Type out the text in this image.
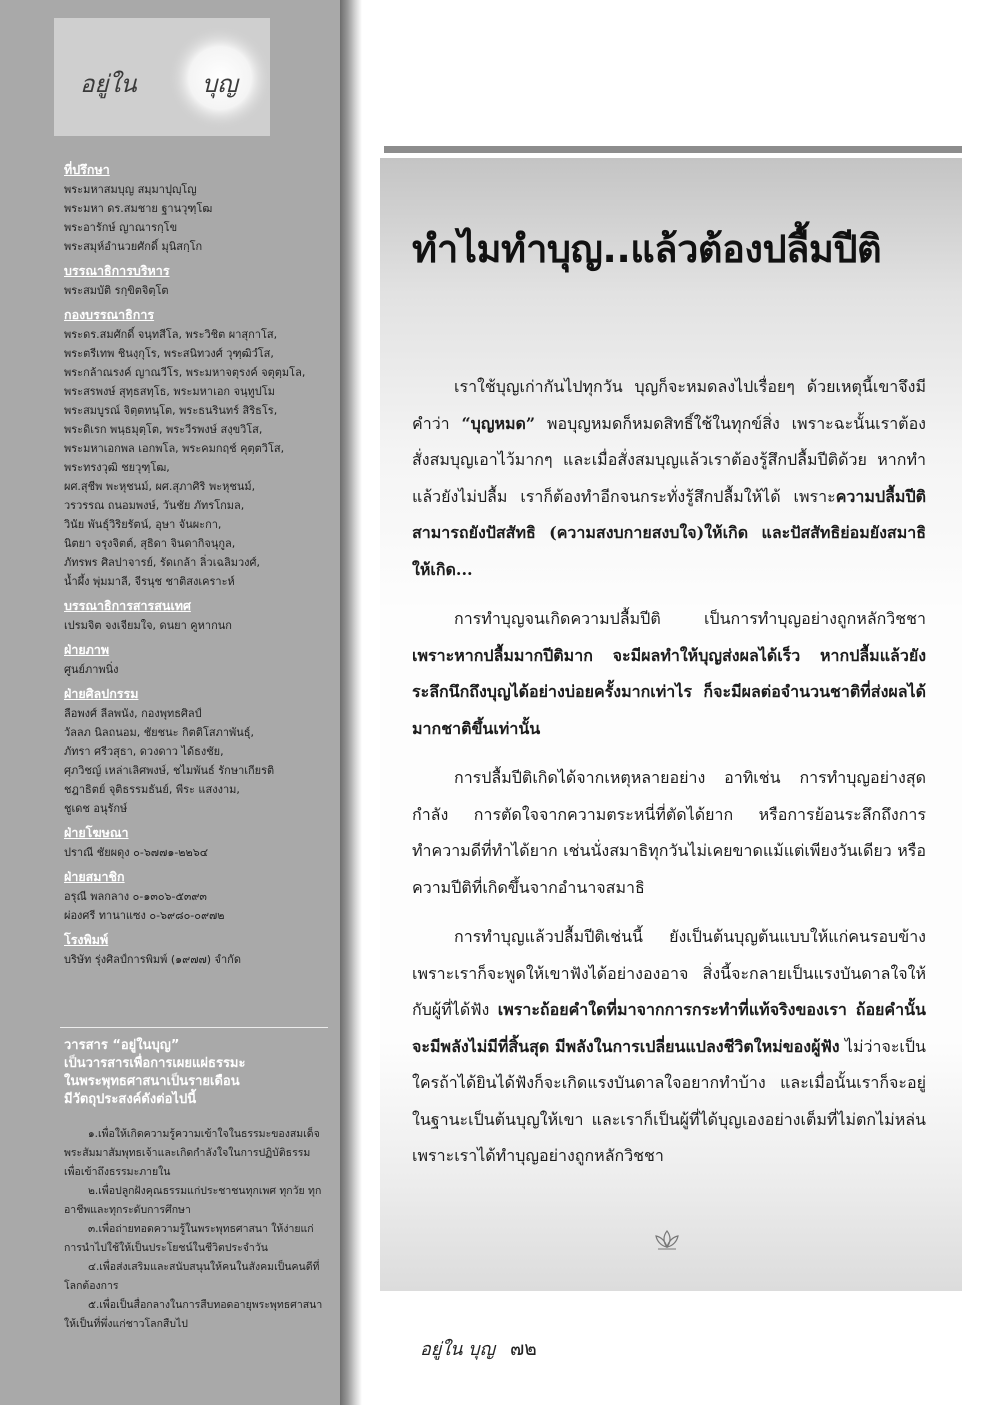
อยู่ใน	บุญ
ที่ปรึกษา
พระมหาสมบุญ สมฺมาปุญฺโญ
พระมหา ดร.สมชาย ฐานวุฑฺโฒ
พระอารักษ์ ญาณารกฺโข
พระสมุห์อำนวยศักดิ์ มุนิสกฺโก
บรรณาธิการบริหาร
พระสมบัติ รกฺขิตจิตฺโต
กองบรรณาธิการ
พระดร.สมศักดิ์ จนฺทสีโล, พระวิชิต ผาสุกาโส,
พระตรีเทพ ชินงฺกุโร, พระสนิทวงศ์ วุฑฺฒิวํโส,
พระกล้าณรงค์ ญาณวีโร, พระมหาจตุรงค์ จตุตฺมโล,
พระสรพงษ์ สุทฺธสทฺโธ, พระมหาเอก จนฺทูปโม
พระสมบูรณ์ จิตฺตทนฺโต, พระธนรินทร์ สิริธโร,
พระดิเรก พนฺธมุตฺโต, พระวีรพงษ์ สงฺขวิโส,
พระมหาเอกพล เอกพโล, พระคมกฤช์ คุตฺตวิโส,
พระทรงวุฒิ ชยวุฑฺโฒ,
ผศ.สุชีพ พะหุชนม์, ผศ.สุภาศิริ พะหุชนม์,
วรวรรณ ถนอมพงษ์, วันชัย ภัทรโกมล,
วินัย พันธุ์วิริยรัตน์, อุษา จันผะกา,
นิตยา จรุงจิตต์, สุธิดา จินดากิจนุกูล,
ภัทรพร ศิลปาจารย์, รัดเกล้า ลิ่วเฉลิมวงศ์,
น้ำผึ้ง พุ่มมาลี, จีรนุช ชาติสงเคราะห์
บรรณาธิการสารสนเทศ
เปรมจิต จงเจียมใจ, ดนยา คูหากนก
ฝ่ายภาพ
ศูนย์ภาพนิ่ง
ฝ่ายศิลปกรรม
ลือพงศ์ ลีลพนัง, กองพุทธศิลป์
วัลลภ นิลถนอม, ชัยชนะ กิตติโสภาพันธุ์,
ภัทรา ศรีวสุธา, ดวงดาว ได้ธงชัย,
ศุภวิชญ์ เหล่าเลิศพงษ์, ชไมพันธ์ รักษาเกียรติ
ชฎาธิตย์ จุติธรรมธันย์, พีระ แสงงาม,
ชูเดช อนุรักษ์
ฝ่ายโฆษณา
ปราณี ชัยผดุง ๐-๖๗๗๑-๒๒๖๔
ฝ่ายสมาชิก
อรุณี พลกลาง ๐-๑๓๐๖-๕๓๙๓
ผ่องศรี ทานาแซง ๐-๖๙๘๐-๐๙๗๒
โรงพิมพ์
บริษัท รุ่งศิลป์การพิมพ์ (๑๙๗๗) จำกัด
วารสาร “อยู่ในบุญ”
เป็นวารสารเพื่อการเผยแผ่ธรรมะ
ในพระพุทธศาสนาเป็นรายเดือน
มีวัตถุประสงค์ดังต่อไปนี้
๑.เพื่อให้เกิดความรู้ความเข้าใจในธรรมะของสมเด็จพระสัมมาสัมพุทธเจ้าและเกิดกำลังใจในการปฏิบัติธรรม เพื่อเข้าถึงธรรมะภายใน
๒.เพื่อปลูกฝังคุณธรรมแก่ประชาชนทุกเพศ ทุกวัย ทุกอาชีพและทุกระดับการศึกษา
๓.เพื่อถ่ายทอดความรู้ในพระพุทธศาสนา ให้ง่ายแก่การนำไปใช้ให้เป็นประโยชน์ในชีวิตประจำวัน
๔.เพื่อส่งเสริมและสนับสนุนให้คนในสังคมเป็นคนดีที่โลกต้องการ
๕.เพื่อเป็นสื่อกลางในการสืบทอดอายุพระพุทธศาสนาให้เป็นที่พึ่งแก่ชาวโลกสืบไป
ทำไมทำบุญ..แล้วต้องปลื้มปีติ

เราใช้บุญเก่ากันไปทุกวัน บุญก็จะหมดลงไปเรื่อยๆ ด้วยเหตุนี้เขาจึงมีคำว่า “บุญหมด” พอบุญหมดก็หมดสิทธิ์ใช้ในทุกข์สิ่ง เพราะฉะนั้นเราต้องสั่งสมบุญเอาไว้มากๆ และเมื่อสั่งสมบุญแล้วเราต้องรู้สึกปลื้มปีติด้วย หากทำแล้วยังไม่ปลื้ม เราก็ต้องทำอีกจนกระทั่งรู้สึกปลื้มให้ได้ เพราะความปลื้มปีติ สามารถยังปัสสัทธิ (ความสงบกายสงบใจ)ให้เกิด และปัสสัทธิย่อมยังสมาธิให้เกิด...

การทำบุญจนเกิดความปลื้มปีติ เป็นการทำบุญอย่างถูกหลักวิชชา เพราะหากปลื้มมากปีติมาก จะมีผลทำให้บุญส่งผลได้เร็ว หากปลื้มแล้วยังระลึกนึกถึงบุญได้อย่างบ่อยครั้งมากเท่าไร ก็จะมีผลต่อจำนวนชาติที่ส่งผลได้มากชาติขึ้นเท่านั้น

การปลื้มปีติเกิดได้จากเหตุหลายอย่าง อาทิเช่น การทำบุญอย่างสุดกำลัง การตัดใจจากความตระหนี่ที่ตัดได้ยาก หรือการย้อนระลึกถึงการทำความดีที่ทำได้ยาก เช่นนั่งสมาธิทุกวันไม่เคยขาดแม้แต่เพียงวันเดียว หรือความปีติที่เกิดขึ้นจากอำนาจสมาธิ

การทำบุญแล้วปลื้มปีติเช่นนี้ ยังเป็นต้นบุญต้นแบบให้แก่คนรอบข้าง เพราะเราก็จะพูดให้เขาฟังได้อย่างองอาจ สิ่งนี้จะกลายเป็นแรงบันดาลใจให้กับผู้ที่ได้ฟัง เพราะถ้อยคำใดที่มาจากการกระทำที่แท้จริงของเรา ถ้อยคำนั้นจะมีพลังไม่มีที่สิ้นสุด มีพลังในการเปลี่ยนแปลงชีวิตใหม่ของผู้ฟัง ไม่ว่าจะเป็นใครถ้าได้ยินได้ฟังก็จะเกิดแรงบันดาลใจอยากทำบ้าง และเมื่อนั้นเราก็จะอยู่ในฐานะเป็นต้นบุญให้เขา และเราก็เป็นผู้ที่ได้บุญเองอย่างเต็มที่ไม่ตกไม่หล่น เพราะเราได้ทำบุญอย่างถูกหลักวิชชา

อยู่ใน บุญ ๗๒
